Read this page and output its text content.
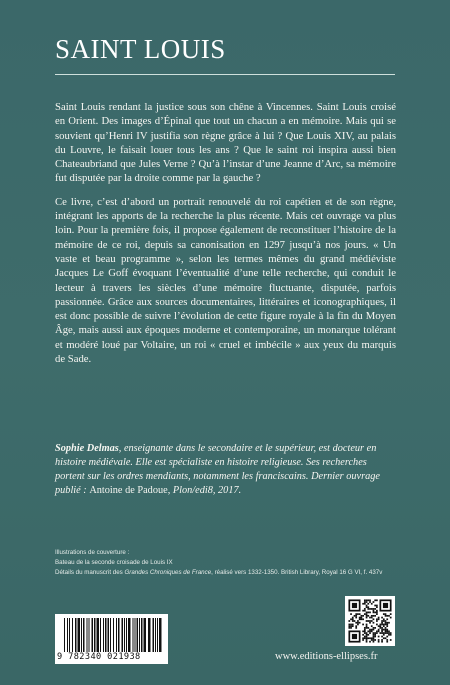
SAINT LOUIS

Saint Louis rendant la justice sous son chêne à Vincennes. Saint Louis croisé en Orient. Des images d’Épinal que tout un chacun a en mémoire. Mais qui se souvient qu’Henri IV justifia son règne grâce à lui ? Que Louis XIV, au palais du Louvre, le faisait louer tous les ans ? Que le saint roi inspira aussi bien Chateaubriand que Jules Verne ? Qu’à l’instar d’une Jeanne d’Arc, sa mémoire fut disputée par la droite comme par la gauche ?

Ce livre, c’est d’abord un portrait renouvelé du roi capétien et de son règne, intégrant les apports de la recherche la plus récente. Mais cet ouvrage va plus loin. Pour la première fois, il propose également de reconstituer l’histoire de la mémoire de ce roi, depuis sa canonisation en 1297 jusqu’à nos jours. « Un vaste et beau programme », selon les termes mêmes du grand médiéviste Jacques Le Goff évoquant l’éventualité d’une telle recherche, qui conduit le lecteur à travers les siècles d’une mémoire fluctuante, disputée, parfois passionnée. Grâce aux sources documentaires, littéraires et iconographiques, il est donc possible de suivre l’évolution de cette figure royale à la fin du Moyen Âge, mais aussi aux époques moderne et contemporaine, un monarque tolérant et modéré loué par Voltaire, un roi « cruel et imbécile » aux yeux du marquis de Sade.

Sophie Delmas, enseignante dans le secondaire et le supérieur, est docteur en histoire médiévale. Elle est spécialiste en histoire religieuse. Ses recherches portent sur les ordres mendiants, notamment les franciscains. Dernier ouvrage publié : Antoine de Padoue, Plon/edi8, 2017.
Illustrations de couverture :
Bateau de la seconde croisade de Louis IX
Détails du manuscrit des Grandes Chroniques de France, réalisé vers 1332-1350. British Library, Royal 16 G VI, f. 437v
9 782340 021938	www.editions-ellipses.fr
